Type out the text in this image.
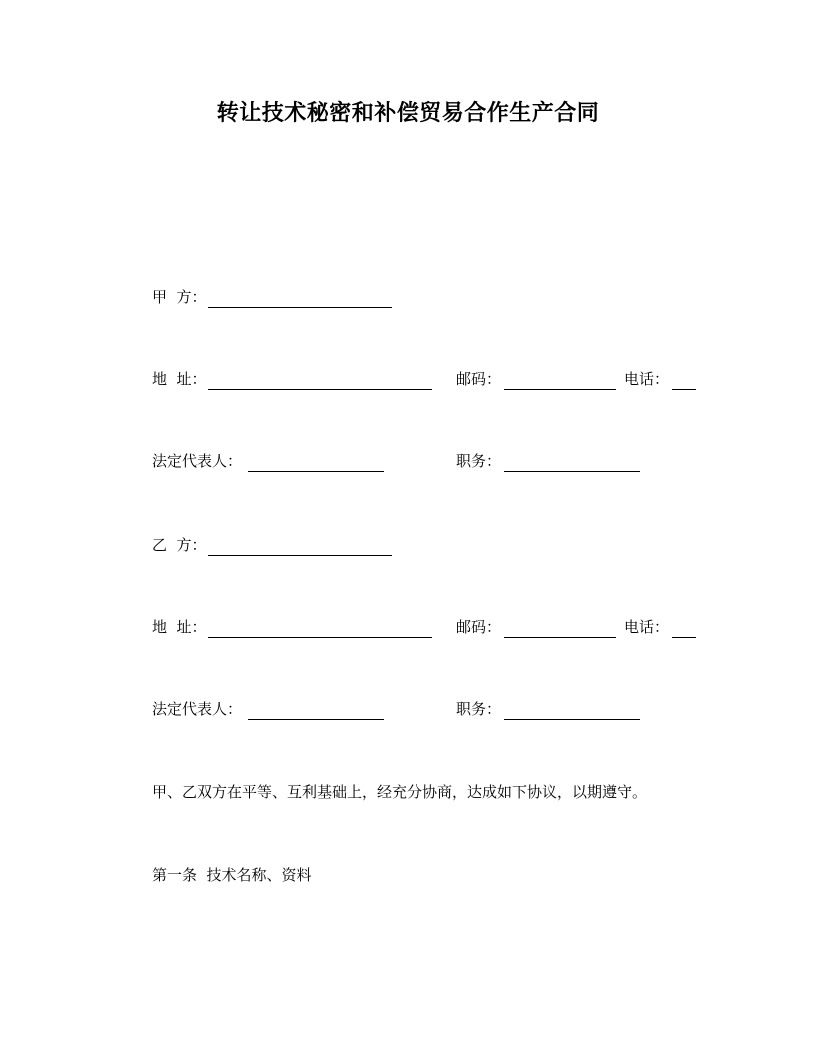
转让技术秘密和补偿贸易合作生产合同
甲  方：
地  址：	邮码：	电话：
法定代表人：	职务：
乙  方：
地  址：	邮码：	电话：
法定代表人：	职务：
甲、乙双方在平等、互利基础上，经充分协商，达成如下协议，以期遵守。
第一条  技术名称、资料
